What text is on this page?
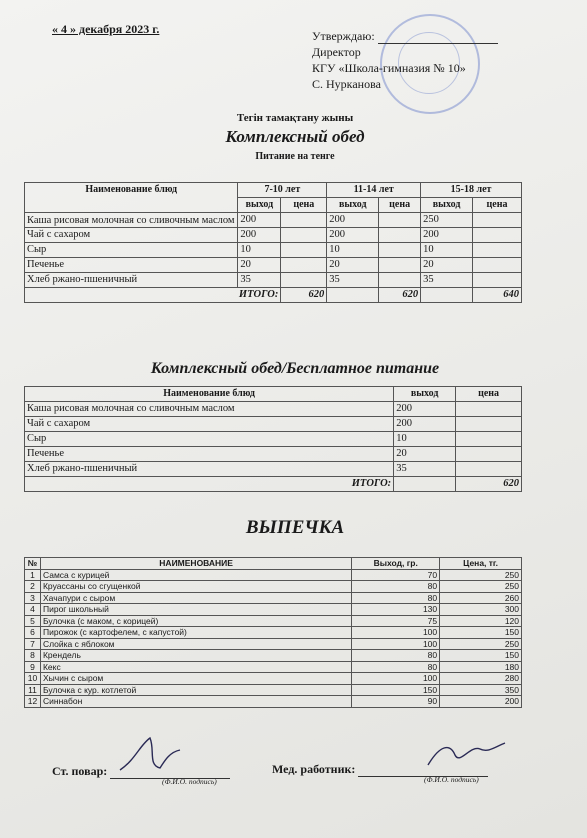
« 4 » декабря 2023 г.	Утверждаю:
Директор
КГУ «Школа-гимназия № 10»
С. Нурканова
Тегін тамақтану жыны
Комплексный обед
Питание на тенге
Наименование блюд	7-10 лет		11-14 лет		15-18 лет	
	выход	цена	выход	цена	выход	цена
Каша рисовая молочная со сливочным маслом	200		200		250	
Чай с сахаром	200		200		200	
Сыр	10		10		10	
Печенье	20		20		20	
Хлеб ржано-пшеничный	35		35		35	
ИТОГО:		620		620		640
Комплексный обед/Бесплатное питание
Наименование блюд	выход	цена
Каша рисовая молочная со сливочным маслом	200	
Чай с сахаром	200	
Сыр	10	
Печенье	20	
Хлеб ржано-пшеничный	35	
ИТОГО:		620
ВЫПЕЧКА
№	НАИМЕНОВАНИЕ	Выход, гр.	Цена, тг.
1	Самса с курицей	70	250
2	Круассаны со сгущенкой	80	250
3	Хачапури с сыром	80	260
4	Пирог школьный	130	300
5	Булочка (с маком, с корицей)	75	120
6	Пирожок (с картофелем, с капустой)	100	150
7	Слойка с яблоком	100	250
8	Крендель	80	150
9	Кекс	80	180
10	Хычин с сыром	100	280
11	Булочка с кур. котлетой	150	350
12	Синнабон	90	200
Ст. повар:
(Ф.И.О. подпись)
Мед. работник:
(Ф.И.О. подпись)
